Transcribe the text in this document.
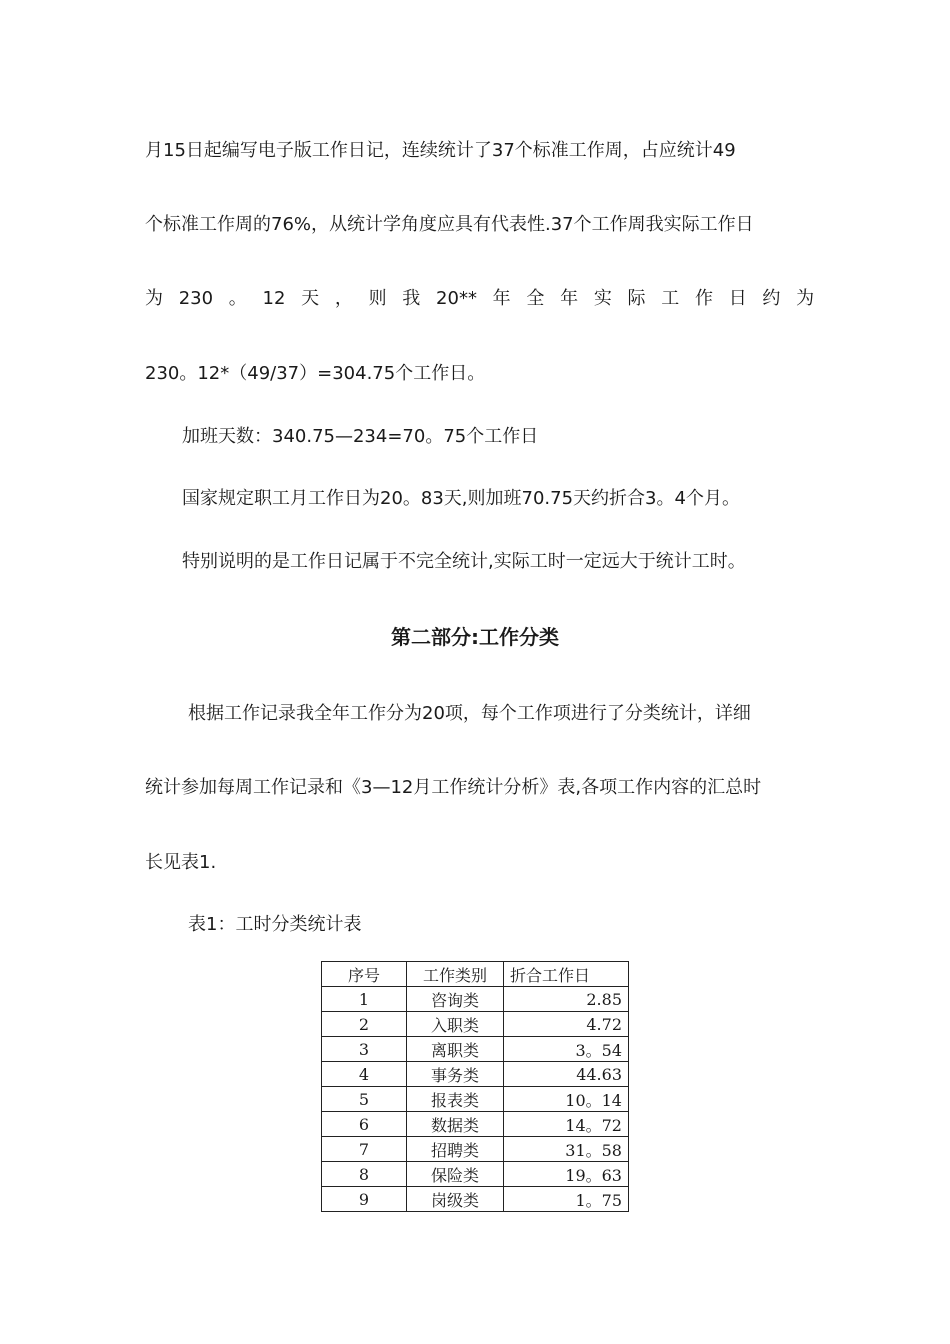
月15日起编写电子版工作日记，连续统计了37个标准工作周，占应统计49
个标准工作周的76%，从统计学角度应具有代表性.37个工作周我实际工作日
为 230 。 12 天 ， 则 我 20** 年 全 年 实 际 工 作 日 约 为
230。12*（49/37）=304.75个工作日。
加班天数：340.75—234=70。75个工作日
国家规定职工月工作日为20。83天,则加班70.75天约折合3。4个月。
特别说明的是工作日记属于不完全统计,实际工时一定远大于统计工时。
第二部分:工作分类
根据工作记录我全年工作分为20项，每个工作项进行了分类统计，详细
统计参加每周工作记录和《3—12月工作统计分析》表,各项工作内容的汇总时
长见表1.
表1：工时分类统计表
序号	工作类别	折合工作日
1	咨询类	2.85
2	入职类	4.72
3	离职类	3。54
4	事务类	44.63
5	报表类	10。14
6	数据类	14。72
7	招聘类	31。58
8	保险类	19。63
9	岗级类	1。75
